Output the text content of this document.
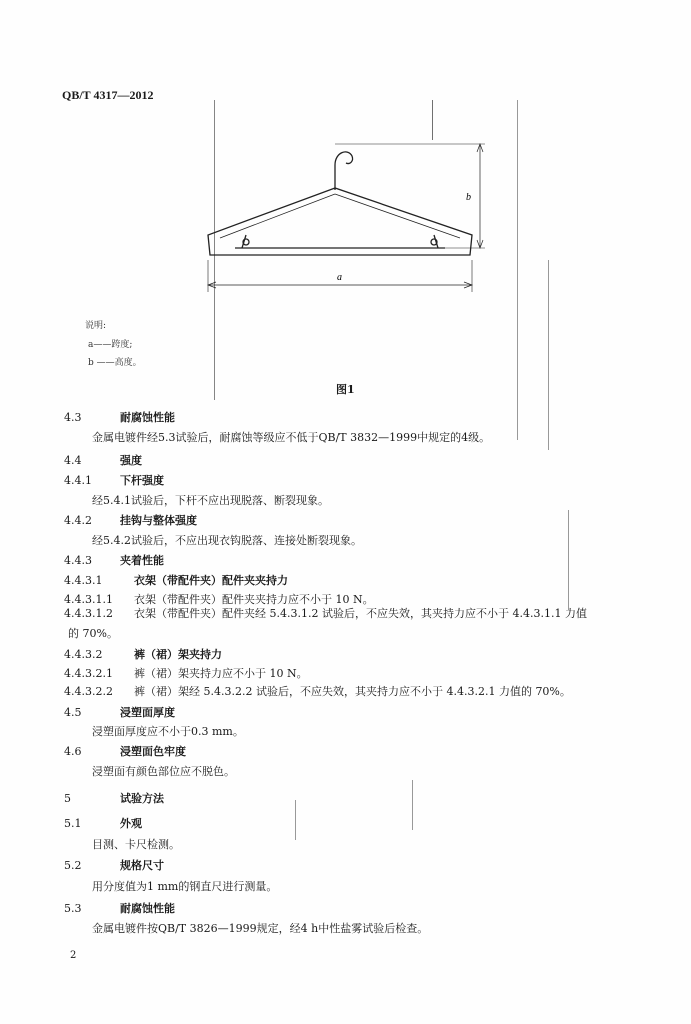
QB/T 4317—2012
b
a
说明:
a——跨度;
b ——高度。
图1
4.3	耐腐蚀性能
金属电镀件经5.3试验后，耐腐蚀等级应不低于QB/T 3832—1999中规定的4级。
4.4	强度
4.4.1	下杆强度
经5.4.1试验后，下杆不应出现脱落、断裂现象。
4.4.2	挂钩与整体强度
经5.4.2试验后，不应出现衣钩脱落、连接处断裂现象。
4.4.3	夹着性能
4.4.3.1	衣架（带配件夹）配件夹夹持力
4.4.3.1.1 衣架（带配件夹）配件夹夹持力应不小于 10 N。
4.4.3.1.2 衣架（带配件夹）配件夹经 5.4.3.1.2 试验后，不应失效，其夹持力应不小于 4.4.3.1.1 力值
的 70%。
4.4.3.2	裤（裙）架夹持力
4.4.3.2.1 裤（裙）架夹持力应不小于 10 N。
4.4.3.2.2 裤（裙）架经 5.4.3.2.2 试验后，不应失效，其夹持力应不小于 4.4.3.2.1 力值的 70%。
4.5	浸塑面厚度
浸塑面厚度应不小于0.3 mm。
4.6	浸塑面色牢度
浸塑面有颜色部位应不脱色。
5	试验方法
5.1	外观
目测、卡尺检测。
5.2	规格尺寸
用分度值为1 mm的钢直尺进行测量。
5.3	耐腐蚀性能
金属电镀件按QB/T 3826—1999规定，经4 h中性盐雾试验后检查。
2
